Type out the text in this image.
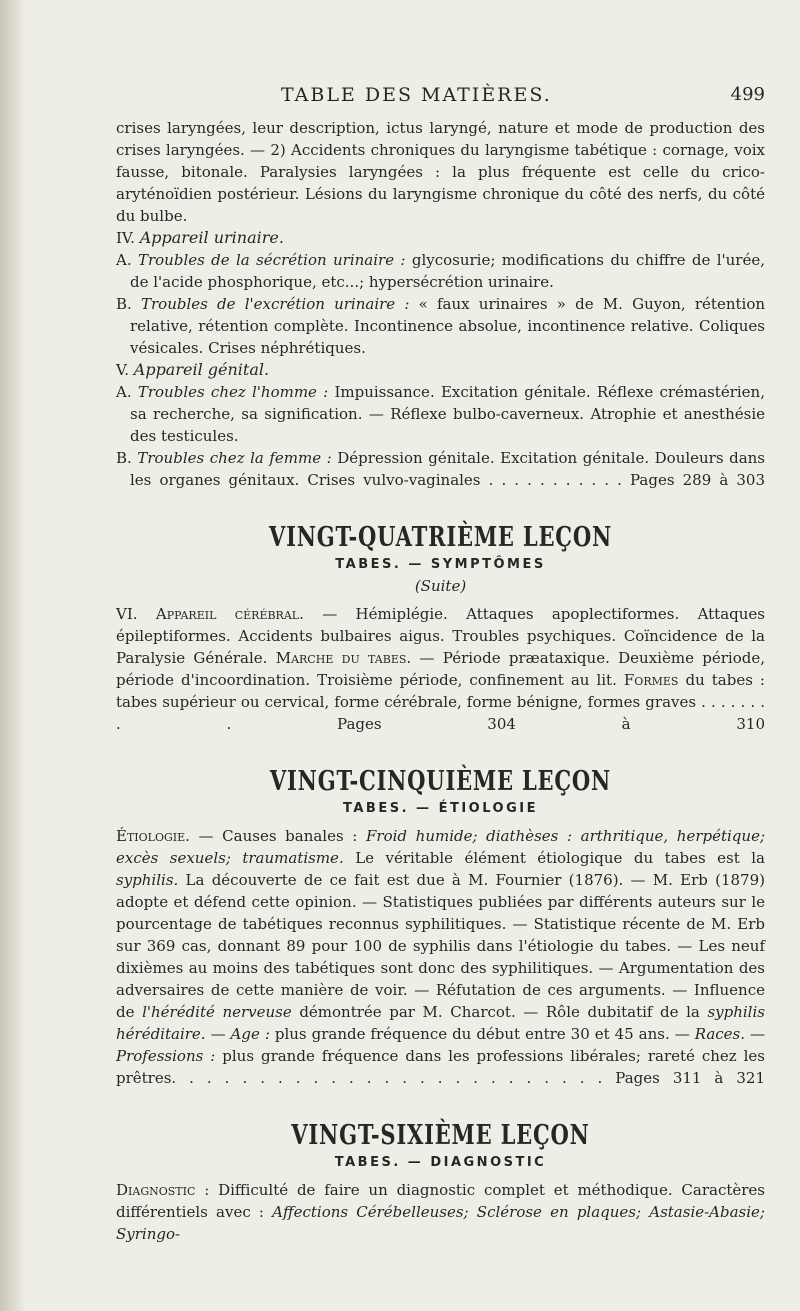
TABLE DES MATIÈRES.	499

crises laryngées, leur description, ictus laryngé, nature et mode de production des crises laryngées. — 2) Accidents chroniques du laryngisme tabétique : cornage, voix fausse, bitonale. Paralysies laryngées : la plus fréquente est celle du crico-aryténoïdien postérieur. Lésions du laryngisme chronique du côté des nerfs, du côté du bulbe.

IV. Appareil urinaire.

A. Troubles de la sécrétion urinaire : glycosurie; modifications du chiffre de l'urée, de l'acide phosphorique, etc...; hypersécrétion urinaire.

B. Troubles de l'excrétion urinaire : « faux urinaires » de M. Guyon, rétention relative, rétention complète. Incontinence absolue, incontinence relative. Coliques vésicales. Crises néphrétiques.

V. Appareil génital.

A. Troubles chez l'homme : Impuissance. Excitation génitale. Réflexe crémastérien, sa recherche, sa signification. — Réflexe bulbo-caverneux. Atrophie et anesthésie des testicules.

B. Troubles chez la femme : Dépression génitale. Excitation génitale. Douleurs dans les organes génitaux. Crises vulvo-vaginales . . . . . . . . . . . Pages 289 à 303

VINGT-QUATRIÈME LEÇON

TABES. — SYMPTÔMES

(Suite)

VI. Appareil cérébral. — Hémiplégie. Attaques apoplectiformes. Attaques épileptiformes. Accidents bulbaires aigus. Troubles psychiques. Coïncidence de la Paralysie Générale. Marche du tabes. — Période præataxique. Deuxième période, période d'incoordination. Troisième période, confinement au lit. Formes du tabes : tabes supérieur ou cervical, forme cérébrale, forme bénigne, formes graves . . . . . . . . . Pages 304 à 310

VINGT-CINQUIÈME LEÇON

TABES. — ÉTIOLOGIE

Étiologie. — Causes banales : Froid humide; diathèses : arthritique, herpétique; excès sexuels; traumatisme. Le véritable élément étiologique du tabes est la syphilis. La découverte de ce fait est due à M. Fournier (1876). — M. Erb (1879) adopte et défend cette opinion. — Statistiques publiées par différents auteurs sur le pourcentage de tabétiques reconnus syphilitiques. — Statistique récente de M. Erb sur 369 cas, donnant 89 pour 100 de syphilis dans l'étiologie du tabes. — Les neuf dixièmes au moins des tabétiques sont donc des syphilitiques. — Argumentation des adversaires de cette manière de voir. — Réfutation de ces arguments. — Influence de l'hérédité nerveuse démontrée par M. Charcot. — Rôle dubitatif de la syphilis héréditaire. — Age : plus grande fréquence du début entre 30 et 45 ans. — Races. — Professions : plus grande fréquence dans les professions libérales; rareté chez les prêtres. . . . . . . . . . . . . . . . . . . . . . . . . Pages 311 à 321

VINGT-SIXIÈME LEÇON

TABES. — DIAGNOSTIC

Diagnostic : Difficulté de faire un diagnostic complet et méthodique. Caractères différentiels avec : Affections Cérébelleuses; Sclérose en plaques; Astasie-Abasie; Syringo-
